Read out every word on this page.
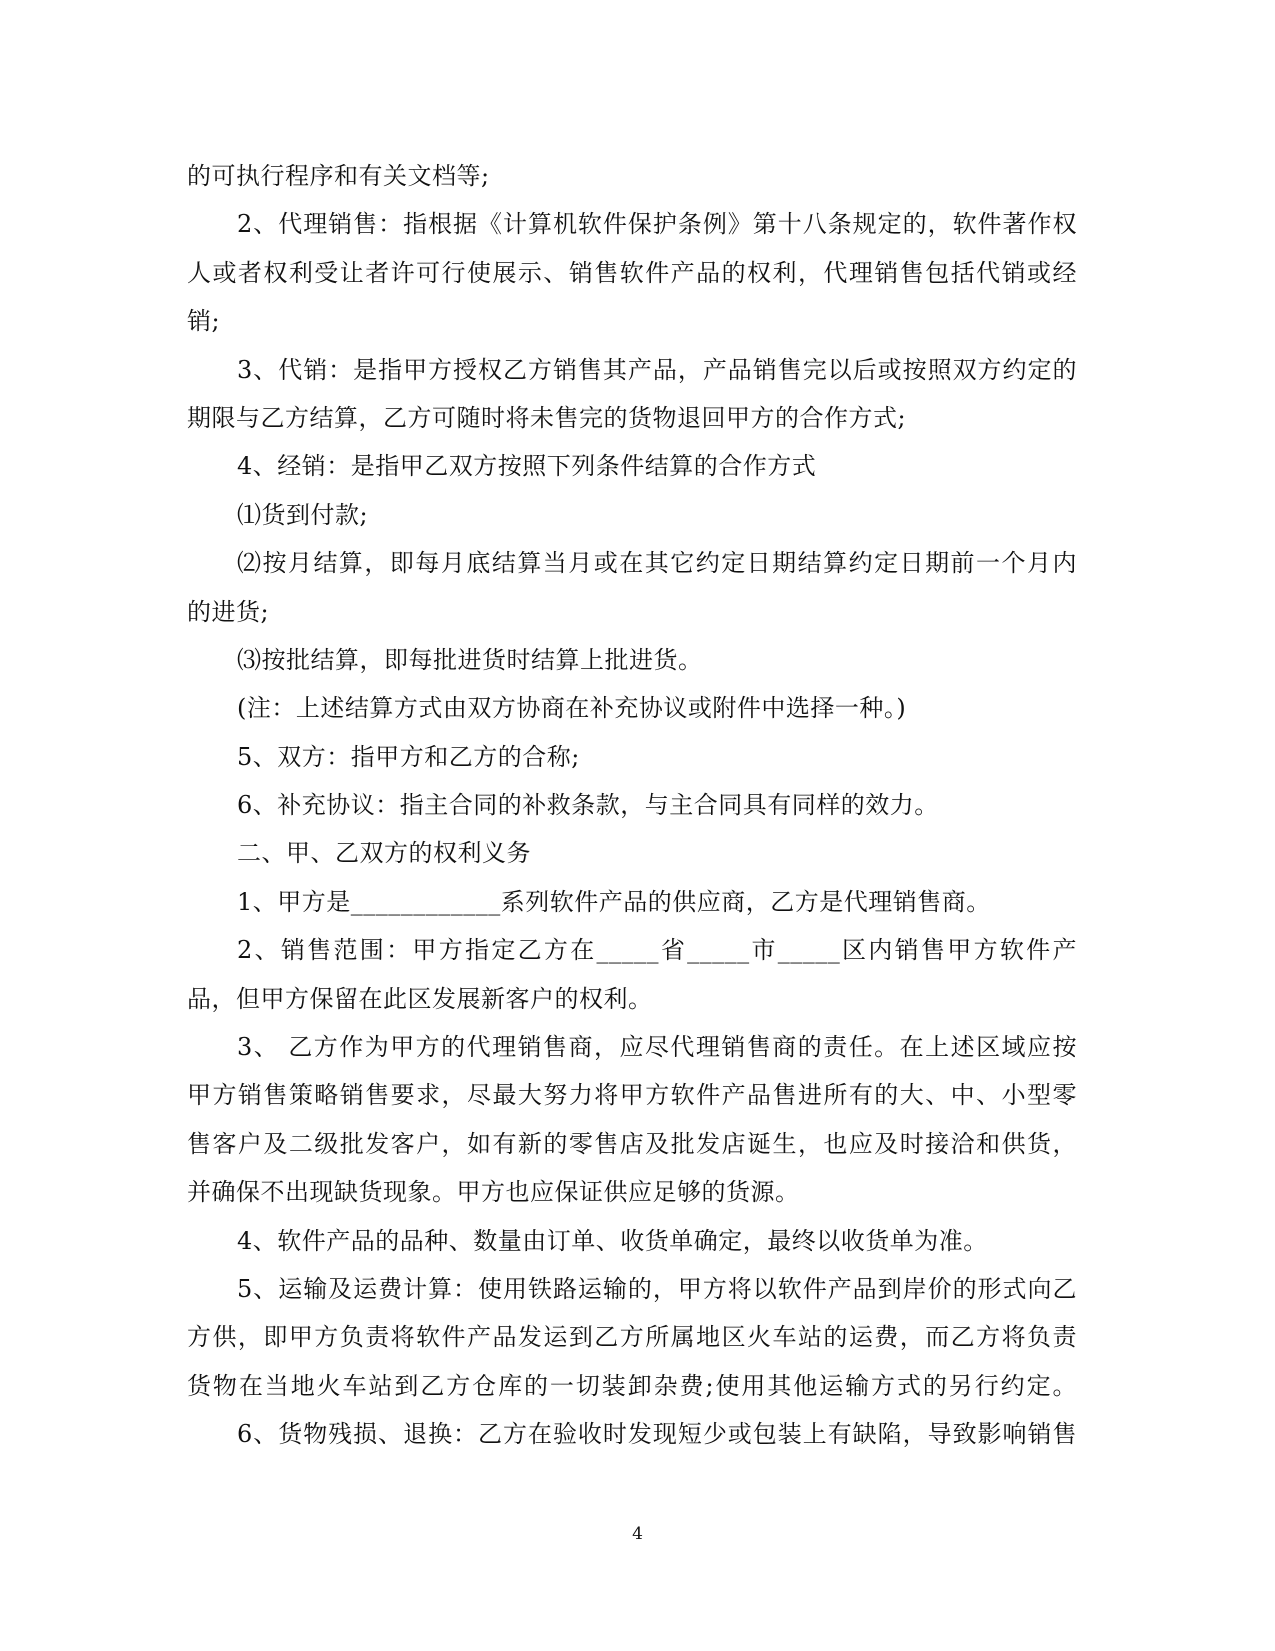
的可执行程序和有关文档等;
2、代理销售：指根据《计算机软件保护条例》第十八条规定的，软件著作权
人或者权利受让者许可行使展示、销售软件产品的权利，代理销售包括代销或经
销;
3、代销：是指甲方授权乙方销售其产品，产品销售完以后或按照双方约定的
期限与乙方结算，乙方可随时将未售完的货物退回甲方的合作方式;
4、经销：是指甲乙双方按照下列条件结算的合作方式
⑴货到付款;
⑵按月结算，即每月底结算当月或在其它约定日期结算约定日期前一个月内
的进货;
⑶按批结算，即每批进货时结算上批进货。
(注：上述结算方式由双方协商在补充协议或附件中选择一种。)
5、双方：指甲方和乙方的合称;
6、补充协议：指主合同的补救条款，与主合同具有同样的效力。
二、甲、乙双方的权利义务
1、甲方是____________系列软件产品的供应商，乙方是代理销售商。
2、销售范围：甲方指定乙方在_____省_____市_____区内销售甲方软件产
品，但甲方保留在此区发展新客户的权利。
3、 乙方作为甲方的代理销售商，应尽代理销售商的责任。在上述区域应按
甲方销售策略销售要求，尽最大努力将甲方软件产品售进所有的大、中、小型零
售客户及二级批发客户，如有新的零售店及批发店诞生，也应及时接洽和供货，
并确保不出现缺货现象。甲方也应保证供应足够的货源。
4、软件产品的品种、数量由订单、收货单确定，最终以收货单为准。
5、运输及运费计算：使用铁路运输的，甲方将以软件产品到岸价的形式向乙
方供，即甲方负责将软件产品发运到乙方所属地区火车站的运费，而乙方将负责
货物在当地火车站到乙方仓库的一切装卸杂费;使用其他运输方式的另行约定。
6、货物残损、退换：乙方在验收时发现短少或包装上有缺陷，导致影响销售
4
